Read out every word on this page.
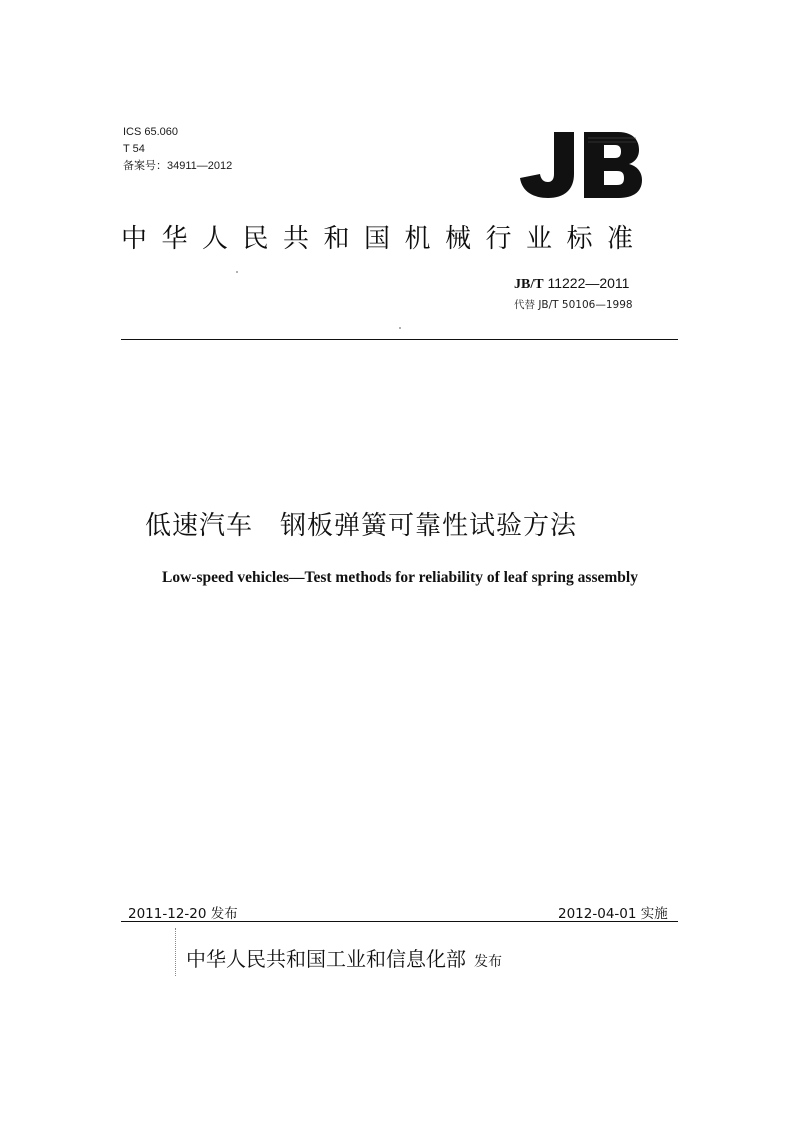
ICS 65.060
T 54
备案号：34911—2012
中华人民共和国机械行业标准
JB/T 11222—2011
代替 JB/T 50106—1998
低速汽车　钢板弹簧可靠性试验方法
Low-speed vehicles—Test methods for reliability of leaf spring assembly
2011-12-20 发布	2012-04-01 实施
中华人民共和国工业和信息化部 发布
